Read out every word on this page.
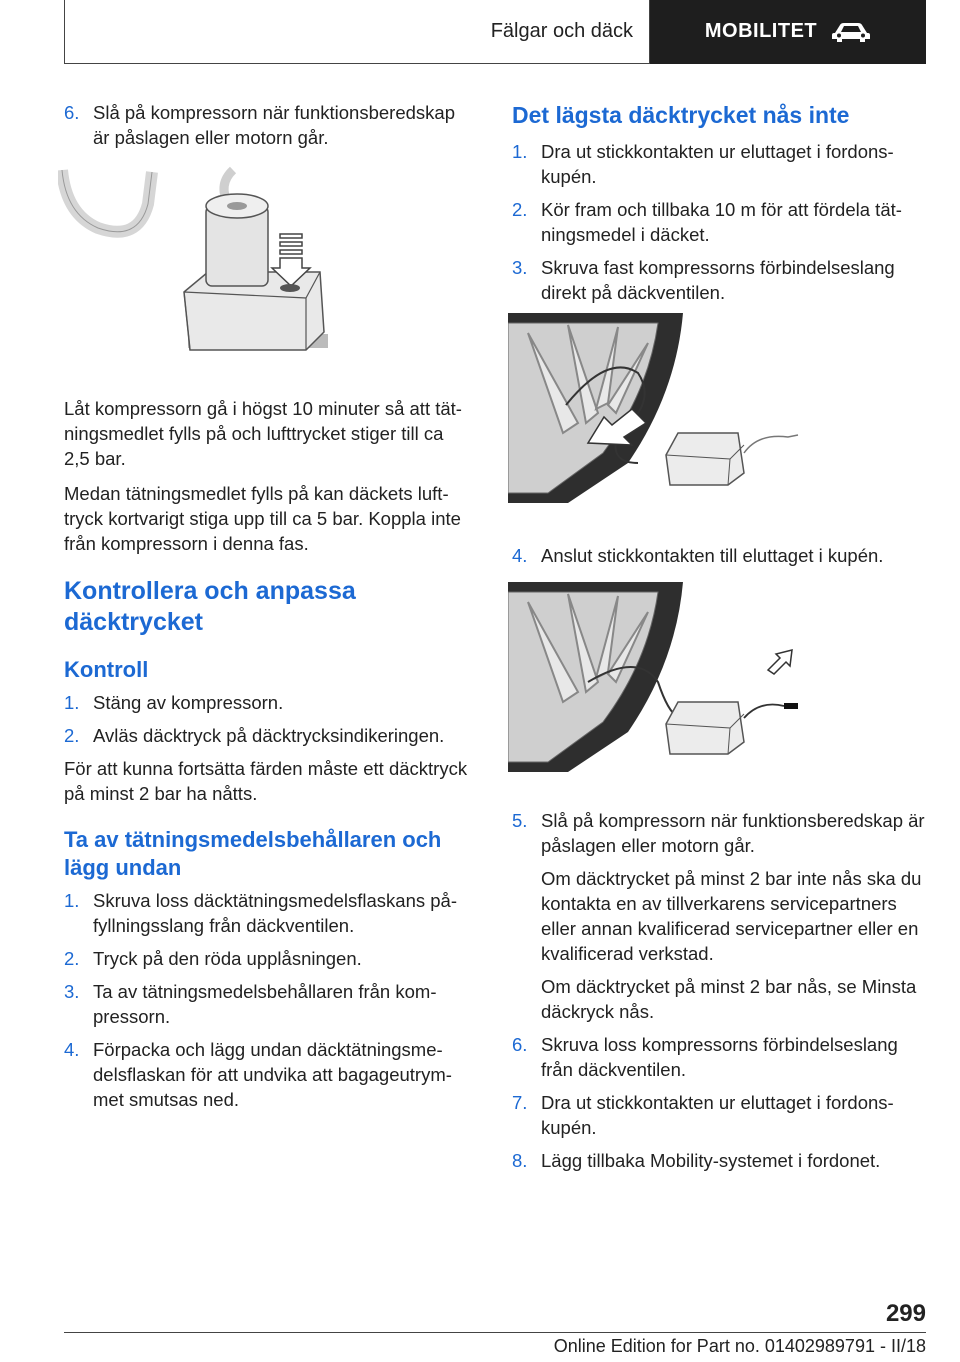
Fälgar och däck	MOBILITET
6. Slå på kompressorn när funktionsberedskap är påslagen eller motorn går.

Låt kompressorn gå i högst 10 minuter så att tätningsmedlet fylls på och lufttrycket stiger till ca 2,5 bar.

Medan tätningsmedlet fylls på kan däckets lufttryck kortvarigt stiga upp till ca 5 bar. Koppla inte från kompressorn i denna fas.

Kontrollera och anpassa däcktrycket
Kontroll
1. Stäng av kompressorn.
2. Avläs däcktryck på däcktrycksindikeringen.

För att kunna fortsätta färden måste ett däcktryck på minst 2 bar ha nåtts.

Ta av tätningsmedelsbehållaren och lägg undan
1. Skruva loss däcktätningsmedelsflaskans påfyllningsslang från däckventilen.
2. Tryck på den röda upplåsningen.
3. Ta av tätningsmedelsbehållaren från kompressorn.
4. Förpacka och lägg undan däcktätningsmedelsflaskan för att undvika att bagageutrymmet smutsas ned.
Det lägsta däcktrycket nås inte
1. Dra ut stickkontakten ur eluttaget i fordonskupén.
2. Kör fram och tillbaka 10 m för att fördela tätningsmedel i däcket.
3. Skruva fast kompressorns förbindelseslang direkt på däckventilen.
4. Anslut stickkontakten till eluttaget i kupén.
5. Slå på kompressorn när funktionsberedskap är påslagen eller motorn går.
Om däcktrycket på minst 2 bar inte nås ska du kontakta en av tillverkarens servicepartners eller annan kvalificerad servicepartner eller en kvalificerad verkstad.
Om däcktrycket på minst 2 bar nås, se Minsta däckryck nås.
6. Skruva loss kompressorns förbindelseslang från däckventilen.
7. Dra ut stickkontakten ur eluttaget i fordonskupén.
8. Lägg tillbaka Mobility-systemet i fordonet.
299
Online Edition for Part no. 01402989791 - II/18
